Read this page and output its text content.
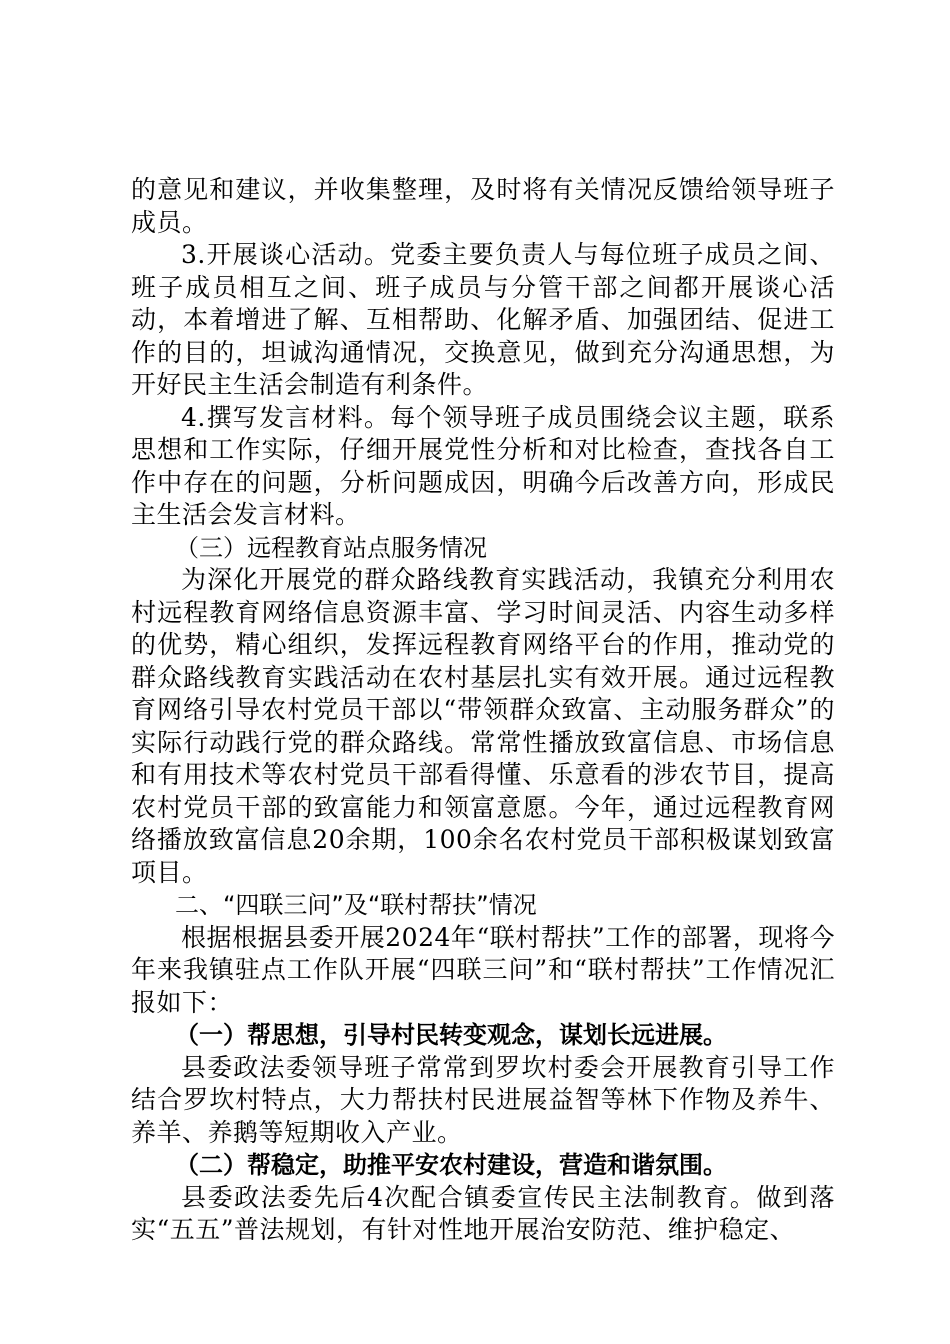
的意见和建议，并收集整理，及时将有关情况反馈给领导班子成员。

3.开展谈心活动。党委主要负责人与每位班子成员之间、班子成员相互之间、班子成员与分管干部之间都开展谈心活动，本着增进了解、互相帮助、化解矛盾、加强团结、促进工作的目的，坦诚沟通情况，交换意见，做到充分沟通思想，为开好民主生活会制造有利条件。

4.撰写发言材料。每个领导班子成员围绕会议主题，联系思想和工作实际，仔细开展党性分析和对比检查，查找各自工作中存在的问题，分析问题成因，明确今后改善方向，形成民主生活会发言材料。

（三）远程教育站点服务情况

为深化开展党的群众路线教育实践活动，我镇充分利用农村远程教育网络信息资源丰富、学习时间灵活、内容生动多样的优势，精心组织，发挥远程教育网络平台的作用，推动党的群众路线教育实践活动在农村基层扎实有效开展。通过远程教育网络引导农村党员干部以“带领群众致富、主动服务群众”的实际行动践行党的群众路线。常常性播放致富信息、市场信息和有用技术等农村党员干部看得懂、乐意看的涉农节目，提高农村党员干部的致富能力和领富意愿。今年，通过远程教育网络播放致富信息20余期，100余名农村党员干部积极谋划致富项目。

二、“四联三问”及“联村帮扶”情况

根据根据县委开展2024年“联村帮扶”工作的部署，现将今年来我镇驻点工作队开展“四联三问”和“联村帮扶”工作情况汇报如下：

（一）帮思想，引导村民转变观念，谋划长远进展。

县委政法委领导班子常常到罗坎村委会开展教育引导工作结合罗坎村特点，大力帮扶村民进展益智等林下作物及养牛、养羊、养鹅等短期收入产业。

（二）帮稳定，助推平安农村建设，营造和谐氛围。

县委政法委先后4次配合镇委宣传民主法制教育。做到落实“五五”普法规划，有针对性地开展治安防范、维护稳定、
